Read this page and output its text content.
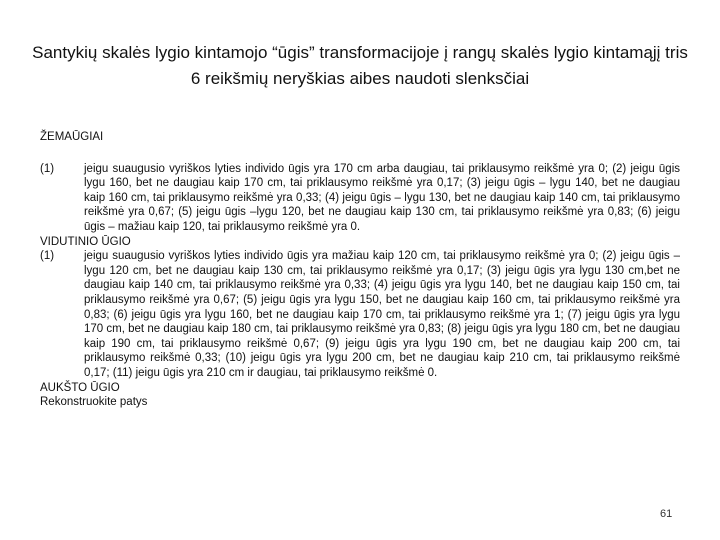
Santykių skalės lygio kintamojo “ūgis” transformacijoje į rangų skalės lygio kintamąjį tris 6 reikšmių neryškias aibes naudoti slenksčiai
ŽEMAŪGIAI
(1)	jeigu suaugusio vyriškos lyties individo ūgis yra 170 cm arba daugiau, tai priklausymo reikšmė yra 0; (2) jeigu ūgis lygu 160, bet ne daugiau kaip 170 cm, tai priklausymo reikšmė yra 0,17; (3) jeigu ūgis – lygu 140, bet ne daugiau kaip 160 cm, tai priklausymo reikšmė yra 0,33; (4) jeigu ūgis – lygu 130, bet ne daugiau kaip 140 cm, tai priklausymo reikšmė yra 0,67; (5) jeigu ūgis –lygu 120, bet ne daugiau kaip 130 cm, tai priklausymo reikšmė yra 0,83; (6) jeigu ūgis – mažiau kaip 120, tai priklausymo reikšmė yra 0.
VIDUTINIO ŪGIO
(1)	jeigu suaugusio vyriškos lyties individo ūgis yra mažiau kaip 120 cm, tai priklausymo reikšmė yra 0; (2) jeigu ūgis – lygu 120 cm, bet ne daugiau kaip 130 cm, tai priklausymo reikšmė yra 0,17; (3) jeigu ūgis yra lygu 130 cm,bet ne daugiau kaip 140 cm, tai priklausymo reikšmė yra 0,33; (4) jeigu ūgis yra lygu 140, bet ne daugiau kaip 150 cm, tai priklausymo reikšmė yra 0,67; (5) jeigu ūgis yra lygu 150, bet ne daugiau kaip 160 cm, tai priklausymo reikšmė yra 0,83; (6) jeigu ūgis yra lygu 160, bet ne daugiau kaip 170 cm, tai priklausymo reikšmė yra 1; (7) jeigu ūgis yra lygu 170 cm, bet ne daugiau kaip 180 cm, tai priklausymo reikšmė yra 0,83; (8) jeigu ūgis yra lygu 180 cm, bet ne daugiau kaip 190 cm, tai priklausymo reikšmė 0,67; (9) jeigu ūgis yra lygu 190 cm, bet ne daugiau kaip 200 cm, tai priklausymo reikšmė 0,33; (10) jeigu ūgis yra lygu 200 cm, bet ne daugiau kaip 210 cm, tai priklausymo reikšmė 0,17; (11) jeigu ūgis yra 210 cm ir daugiau, tai priklausymo reikšmė 0.
AUKŠTO ŪGIO
Rekonstruokite patys
61
